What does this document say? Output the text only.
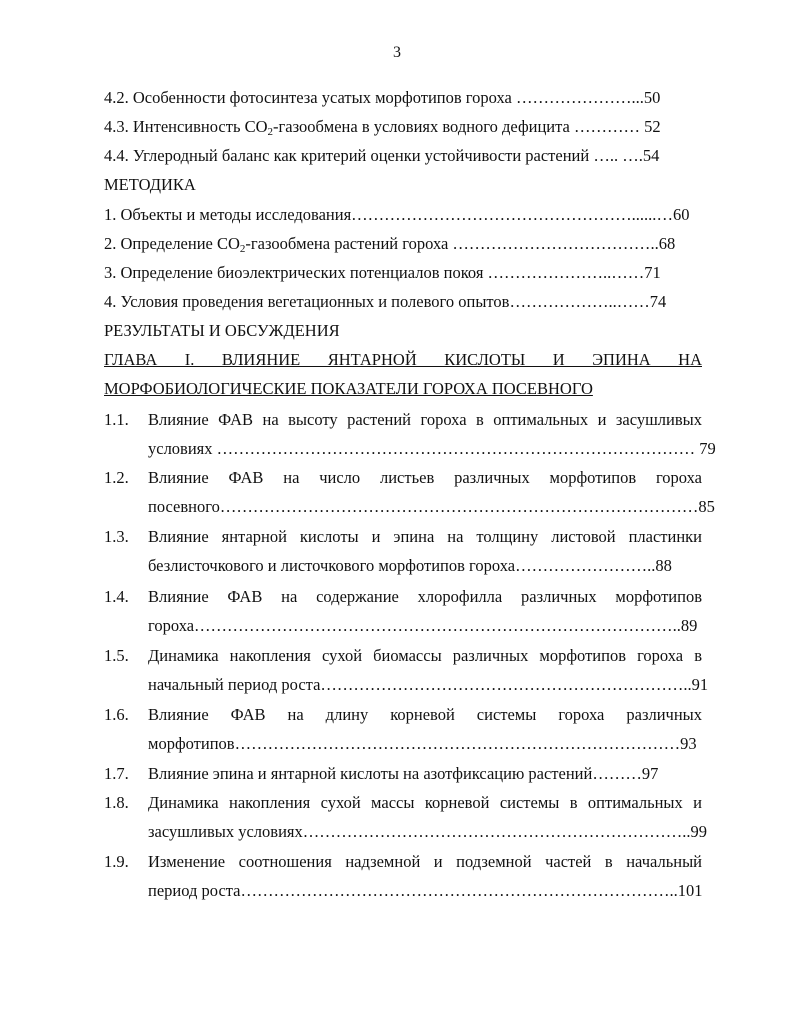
3
4.2. Особенности фотосинтеза усатых морфотипов гороха …………………...50
4.3. Интенсивность $CO_2$-газообмена в условиях водного дефицита ………… 52
4.4. Углеродный баланс как критерий оценки устойчивости растений ….. ….54
МЕТОДИКА
1. Объекты и методы исследования……………………………………………......…60
2. Определение $CO_2$-газообмена растений гороха ………………………………..68
3. Определение биоэлектрических потенциалов покоя …………………..……71
4. Условия проведения вегетационных и полевого опытов………………..……74
РЕЗУЛЬТАТЫ И ОБСУЖДЕНИЯ
ГЛАВА I. ВЛИЯНИЕ ЯНТАРНОЙ КИСЛОТЫ И ЭПИНА НА
МОРФОБИОЛОГИЧЕСКИЕ ПОКАЗАТЕЛИ ГОРОХА ПОСЕВНОГО
1.1. Влияние ФАВ на высоту растений гороха в оптимальных и засушливых
условиях …………………………………………………………………………… 79
1.2. Влияние ФАВ на число листьев различных морфотипов гороха
посевного……………………………………………………………………………85
1.3. Влияние янтарной кислоты и эпина на толщину листовой пластинки
безлисточкового и листочкового морфотипов гороха……………………..88
1.4. Влияние ФАВ на содержание хлорофилла различных морфотипов
гороха……………………………………………………………………………..89
1.5. Динамика накопления сухой биомассы различных морфотипов гороха в
начальный период роста…………………………………………………………..91
1.6. Влияние ФАВ на длину корневой системы гороха различных
морфотипов………………………………………………………………………93
1.7. Влияние эпина и янтарной кислоты на азотфиксацию растений………97
1.8. Динамика накопления сухой массы корневой системы в оптимальных и
засушливых условиях……………………………………………………………..99
1.9. Изменение соотношения надземной и подземной частей в начальный
период роста……………………………………………………………………..101
